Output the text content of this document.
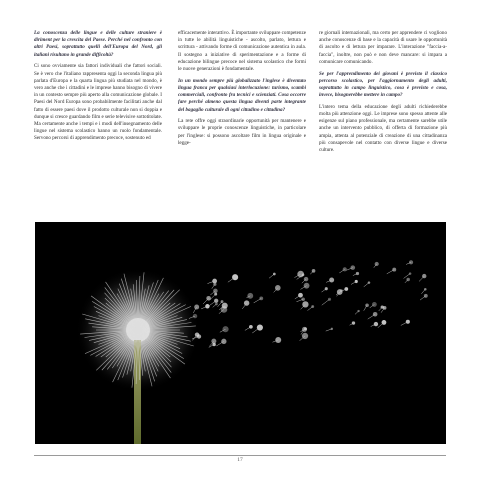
La conoscenza delle lingue e delle culture straniere è diriment per la crescita del Paese. Perché nel confronto con altri Paesi, soprattutto quelli dell'Europa del Nord, gli italiani risultano in grande difficoltà?

Ci sono ovviamente sia fattori individuali che fattori sociali. Se è vero che l'italiano rappresenta oggi la seconda lingua più parlata d'Europa e la quarta lingua più studiata nel mondo, è vero anche che i cittadini e le imprese hanno bisogno di vivere in un contesto sempre più aperto alla comunicazione globale. I Paesi del Nord Europa sono probabilmente facilitati anche dal fatto di essere paesi dove il prodotto culturale non si doppia e dunque si cresce guardando film e serie televisive sottotitolate. Ma certamente anche i tempi e i modi dell'insegnamento delle lingue nel sistema scolastico hanno un ruolo fondamentale. Servono percorsi di apprendimento precoce, sostenuto ed

efficacemente interattivo. È importante sviluppare competenze in tutte le abilità linguistiche - ascolto, parlato, lettura e scrittura - attivando forme di comunicazione autentica in aula. Il sostegno a iniziative di sperimentazione e a forme di educazione bilingue precoce nel sistema scolastico che formi le nuove generazioni è fondamentale.

In un mondo sempre più globalizzato l'inglese è diventato lingua franca per qualsiasi interlocuzione: turismo, scambi commerciali, confronto fra tecnici e scienziati. Cosa occorre fare perché almeno questa lingua diventi parte integrante del bagaglio culturale di ogni cittadino e cittadina?

La rete offre oggi straordinarie opportunità per mantenere e sviluppare le proprie conoscenze linguistiche, in particolare per l'inglese: si possono ascoltare film in lingua originale e legge-

re giornali internazionali, ma certo per apprendere ci vogliono anche conoscenze di base e la capacità di usare le opportunità di ascolto e di lettura per imparare. L'interazione "faccia-a-faccia", inoltre, non può e non deve mancare: si impara a comunicare comunicando.

Se per l'apprendimento dei giovani è previsto il classico percorso scolastico, per l'aggiornamento degli adulti, soprattutto in campo linguistico, cosa è previsto e cosa, invece, bisognerebbe mettere in campo?

L'intero tema della educazione degli adulti richiederebbe molta più attenzione oggi. Le imprese sono spesso attente alle esigenze sul piano professionale, ma certamente sarebbe utile anche un intervento pubblico, di offerta di formazione più ampia, attenta al potenziale di creazione di una cittadinanza più consapevole nel contatto con diverse lingue e diverse culture.

17
